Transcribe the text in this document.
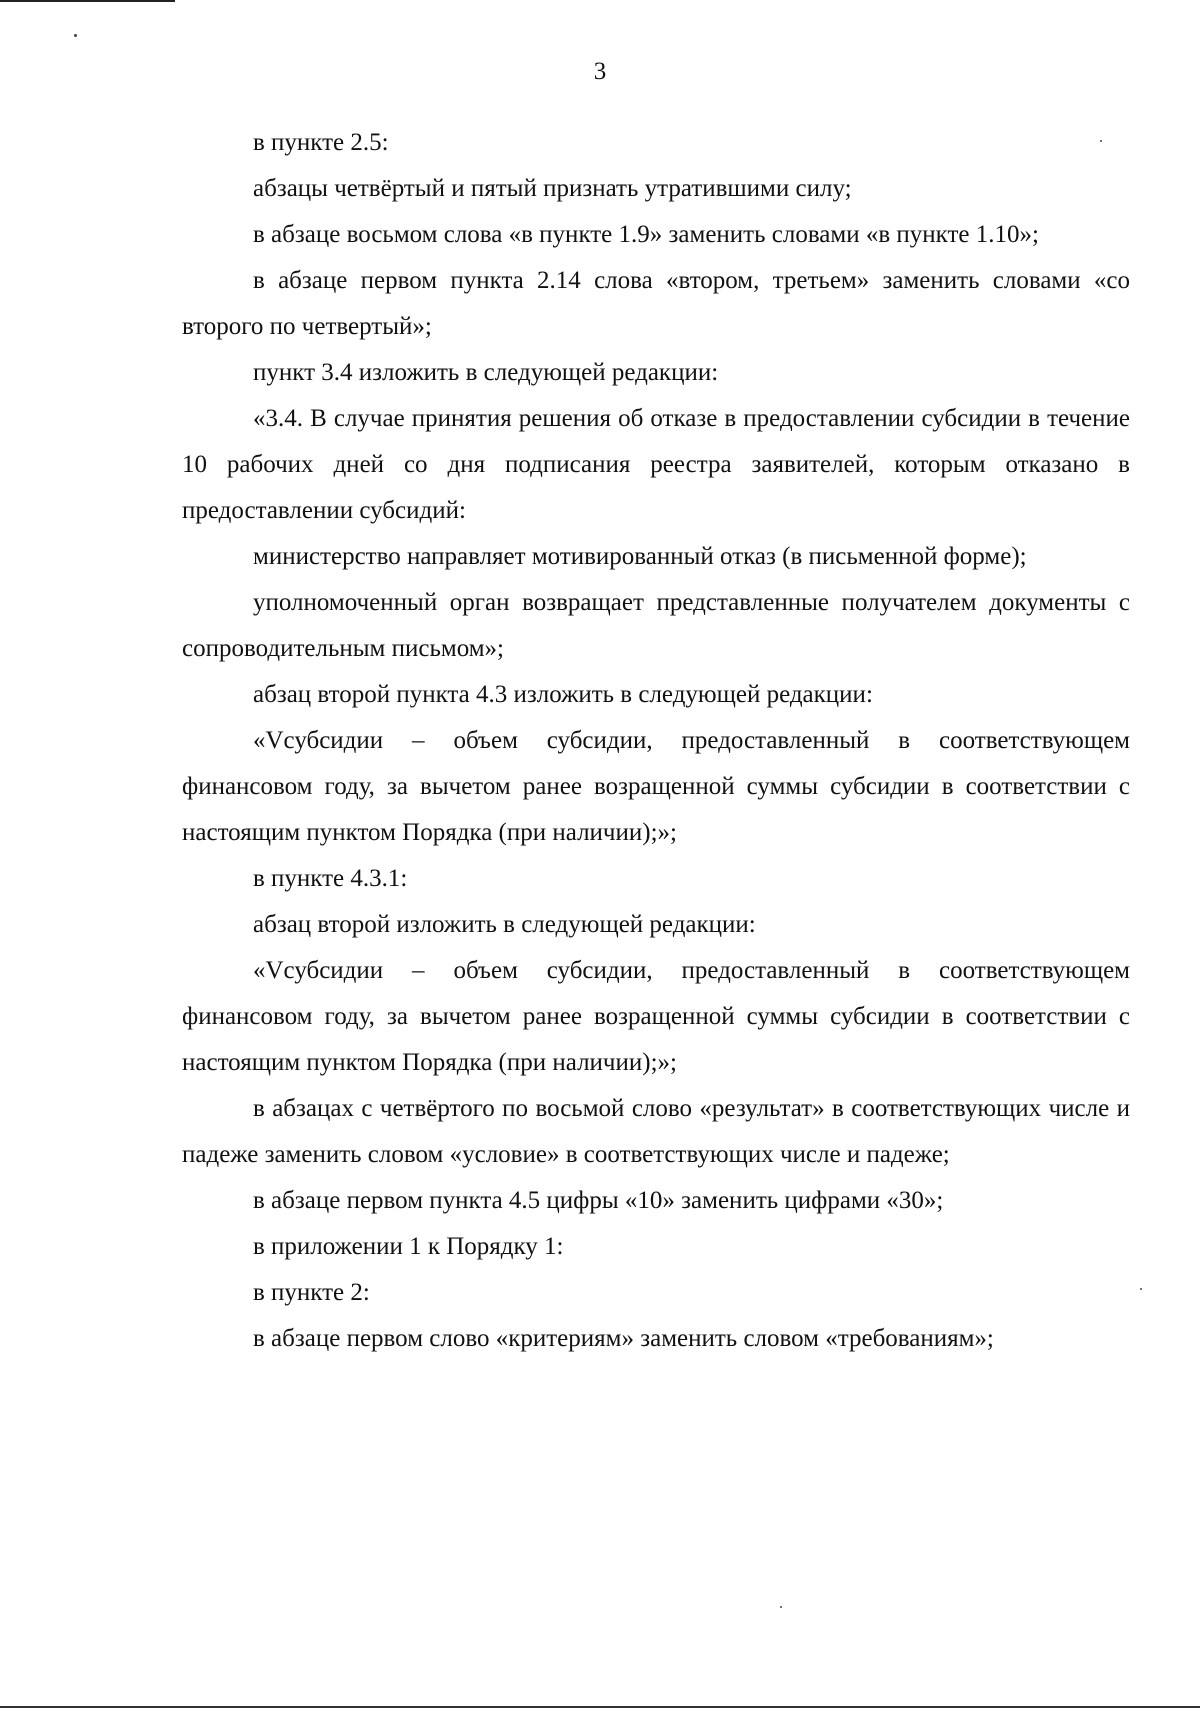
3

в пункте 2.5:

абзацы четвёртый и пятый признать утратившими силу;

в абзаце восьмом слова «в пункте 1.9» заменить словами «в пункте 1.10»;

в абзаце первом пункта 2.14 слова «втором, третьем» заменить словами «со второго по четвертый»;

пункт 3.4 изложить в следующей редакции:

«3.4. В случае принятия решения об отказе в предоставлении субсидии в течение 10 рабочих дней со дня подписания реестра заявителей, которым отказано в предоставлении субсидий:

министерство направляет мотивированный отказ (в письменной форме);

уполномоченный орган возвращает представленные получателем документы с сопроводительным письмом»;

абзац второй пункта 4.3 изложить в следующей редакции:

«Vсубсидии – объем субсидии, предоставленный в соответствующем финансовом году, за вычетом ранее возращенной суммы субсидии в соответствии с настоящим пунктом Порядка (при наличии);»;

в пункте 4.3.1:

абзац второй изложить в следующей редакции:

«Vсубсидии – объем субсидии, предоставленный в соответствующем финансовом году, за вычетом ранее возращенной суммы субсидии в соответствии с настоящим пунктом Порядка (при наличии);»;

в абзацах с четвёртого по восьмой слово «результат» в соответствующих числе и падеже заменить словом «условие» в соответствующих числе и падеже;

в абзаце первом пункта 4.5 цифры «10» заменить цифрами «30»;

в приложении 1 к Порядку 1:

в пункте 2:

в абзаце первом слово «критериям» заменить словом «требованиям»;
